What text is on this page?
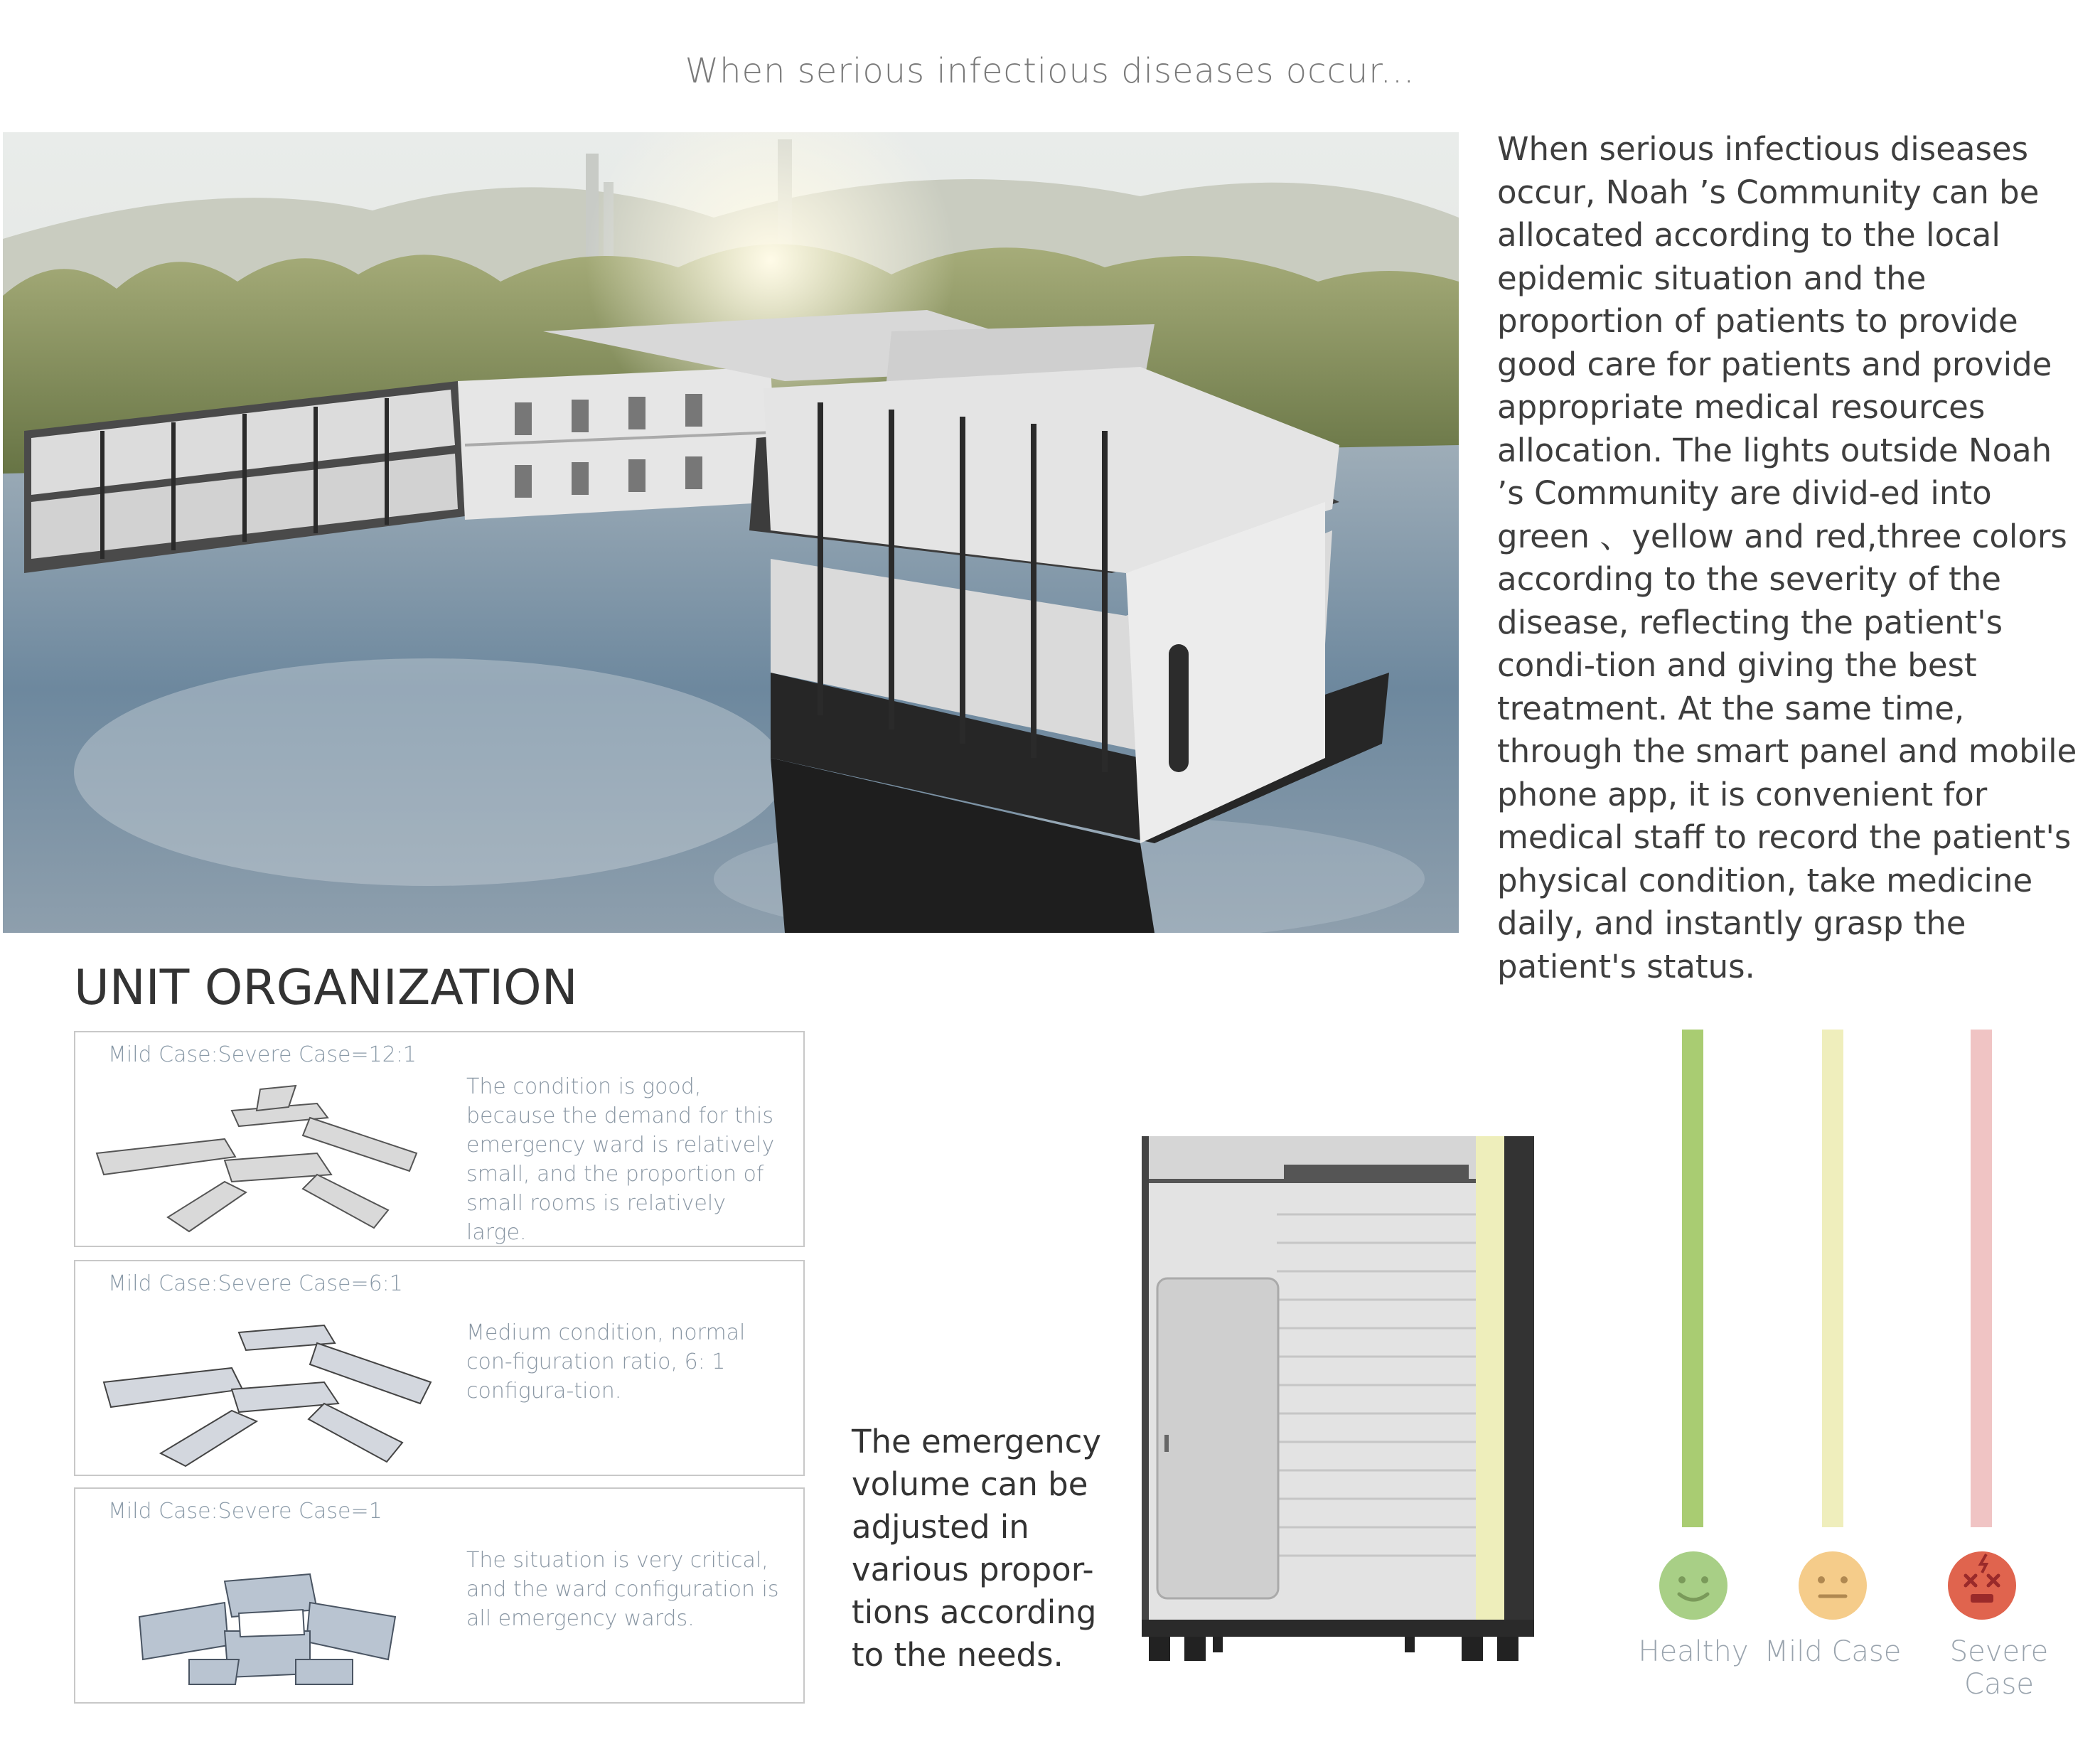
When serious infectious diseases occur...

When serious infectious diseases occur, Noah ’s Community can be allocated according to the local epidemic situation and the proportion of patients to provide good care for patients and provide appropriate medical resources allocation. The lights outside Noah ’s Community are divid-ed into green 、yellow and red,three colors according to the severity of the disease, reflecting the patient's condi-tion and giving the best treatment. At the same time, through the smart panel and mobile phone app, it is convenient for medical staff to record the patient's physical condition, take medicine daily, and instantly grasp the patient's status.

UNIT ORGANIZATION
Mild Case:Severe Case=12:1
The condition is good, because the demand for this emergency ward is relatively small, and the proportion of small rooms is relatively large.
Mild Case:Severe Case=6:1
Medium condition, normal con-figuration ratio, 6: 1 configura-tion.
Mild Case:Severe Case=1
The situation is very critical, and the ward configuration is all emergency wards.
The emergency volume can be adjusted in various propor-tions according to the needs.	Healthy Mild Case	Severe Case
